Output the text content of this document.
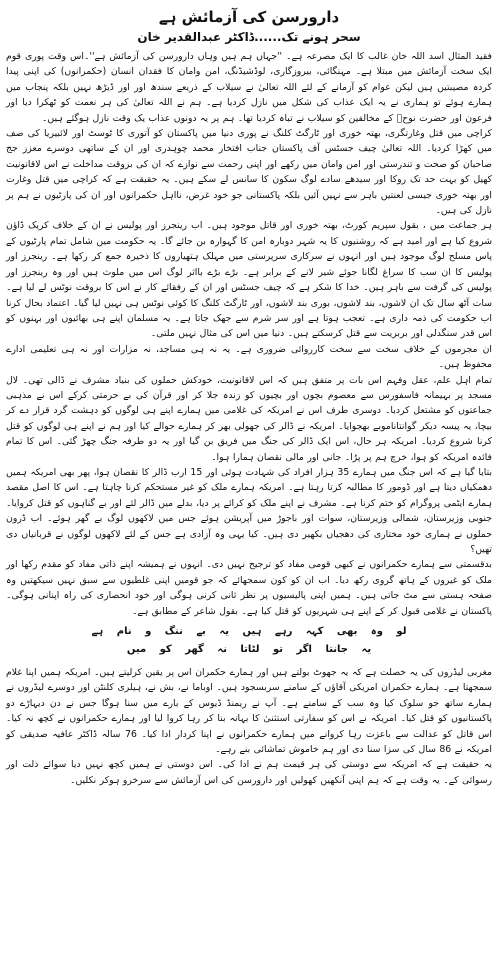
دارورسن کی آزمائش ہے
سحر ہونے تک......ڈاکٹر عبدالقدیر خان

فقید المثال اسد اللہ خان غالب کا ایک مصرعہ ہے۔ ''جہاں ہم ہیں وہاں دارورسن کی آزمائش ہے''۔اس وقت پوری قوم ایک سخت آزمائش میں مبتلا ہے۔ مہنگائی، بیروزگاری، لوڈشیڈنگ، امن وامان کا فقدان انسان (حکمرانوں) کی اپنی پیدا کردہ مصیبتیں ہیں لیکن عوام کو آزمانے کے لئے اللہ تعالیٰ نے سیلاب کے ذریعے سندھ اور اور ڈیڑھ نہیں بلکہ پنجاب میں ہمارے ہوئے تو ہماری نے یہ ایک عذاب کی شکل میں نازل کردیا ہے۔ ہم نے اللہ تعالیٰ کی ہر نعمت کو ٹھکرا دیا اور فرعون اور حضرت نوحؑ کے مخالفین کو سیلاب نے تباہ کردیا تھا۔ ہم پر یہ دونوں عذاب یک وقت نازل ہوگئے ہیں۔

کراچی میں قتل وغارتگری، بھتہ خوری اور ٹارگٹ کلنگ نے پوری دنیا میں پاکستان کو آتوری کا ٹوسٹ اور لائبیریا کی صف میں کھڑا کردیا۔ اللہ تعالیٰ چیف جسٹس آف پاکستان جناب افتخار محمد چوہدری اور ان کے ساتھی دوسرے معزز جج صاحبان کو صحت و تندرستی اور امن وامان میں رکھے اور اپنی رحمت سے نوازے کہ ان کی بروقت مداخلت نے اس لاقانونیت کھیل کو بہت حد تک روکا اور سیدھے سادے لوگ سکون کا سانس لے سکے ہیں۔ یہ حقیقت ہے کہ کراچی میں قتل وغارت اور بھتہ خوری جیسی لعنتیں باہر سے نہیں آئیں بلکہ پاکستانی جو خود غرض، نااہل حکمرانوں اور ان کی پارٹیوں نے ہم پر نازل کی ہیں۔

ہر جماعت میں ، بقول سپریم کورٹ، بھتہ خوری اور قاتل موجود ہیں۔ اب رینجرز اور پولیس نے ان کے خلاف کریک ڈاؤن شروع کیا ہے اور امید ہے کہ روشنیوں کا یہ شہر دوبارہ امن کا گہوارہ بن جائے گا۔ یہ حکومت میں شامل تمام پارٹیوں کے پاس مسلح لوگ موجود ہیں اور انہوں نے سرکاری سرپرستی میں مہلک ہتھیاروں کا ذخیرہ جمع کر رکھا ہے۔ رینجرز اور پولیس کا ان سب کا سراغ لگانا جوئے شیر لانے کے برابر ہے۔ بڑے بڑے بااثر لوگ اس میں ملوث ہیں اور وہ رینجرز اور پولیس کی گرفت سے باہر ہیں۔ خدا کا شکر ہے کہ چیف جسٹس اور ان کے رفقائے کار نے اس کا بروقت نوٹس لے لیا ہے۔ سات آٹھ سال تک ان لاشوں، بند لاشوں، بوری بند لاشوں، اور ٹارگٹ کلنگ کا کوئی نوٹس ہی نہیں لیا گیا۔ اعتماد بحال کرنا اب حکومت کی ذمہ داری ہے۔ تعجب ہوتا ہے اور سر شرم سے جھک جاتا ہے۔ یہ مسلمان اپنے ہی بھائیوں اور بہنوں کو اس قدر سنگدلی اور بربریت سے قتل کرسکتے ہیں۔ دنیا میں اس کی مثال نہیں ملتی۔

ان مجرموں کے خلاف سخت سے سخت کارروائی ضروری ہے۔ یہ نہ ہی مساجد، نہ مزارات اور نہ ہی تعلیمی ادارے محفوظ ہیں۔

تمام اہل علم، عقل وفہم اس بات پر متفق ہیں کہ اس لاقانونیت، خودکش حملوں کی بنیاد مشرف نے ڈالی تھی۔ لال مسجد پر بہیمانہ فاسفورس سے معصوم بچوں اور بچیوں کو زندہ جلا کر اور قرآن کی بے حرمتی کرکے اس نے مذہبی جماعتوں کو مشتعل کردیا۔ دوسری طرف اس نے امریکہ کی غلامی میں ہمارے اپنے ہی لوگوں کو دہشت گرد قرار دے کر بیچا، یہ پیسہ دیکر گوانتاناموبے بھجوایا۔ امریکہ نے ڈالر کی جھولی بھر کر ہمارے حوالے کیا اور ہم نے اپنے ہی لوگوں کو قتل کرنا شروع کردیا۔ امریکہ ہر حال، اس ایک ڈالر کی جنگ میں فریق بن گیا اور یہ دو طرفہ جنگ چھڑ گئی۔ اس کا تمام فائدہ امریکہ کو ہوا، خرچ ہم پر پڑا۔ جانی اور مالی نقصان ہمارا ہوا۔

بتایا گیا ہے کہ اس جنگ میں ہمارے 35 ہزار افراد کی شہادت ہوئی اور 15 ارب ڈالر کا نقصان ہوا، پھر بھی امریکہ ہمیں دھمکیاں دیتا ہے اور ڈومور کا مطالبہ کرتا رہتا ہے۔ امریکہ ہمارے ملک کو غیر مستحکم کرنا چاہتا ہے۔ اس کا اصل مقصد ہمارے ایٹمی پروگرام کو ختم کرنا ہے۔ مشرف نے اپنے ملک کو کرائے پر دیا، بدلے میں ڈالر لئے اور بے گناہوں کو قتل کروایا۔ جنوبی وزیرستان، شمالی وزیرستان، سوات اور باجوڑ میں آپریشن ہوئے جس میں لاکھوں لوگ بے گھر ہوئے۔ اب ڈرون حملوں نے ہماری خود مختاری کی دھجیاں بکھیر دی ہیں۔ کیا یہی وہ آزادی ہے جس کے لئے لاکھوں لوگوں نے قربانیاں دی تھیں؟

بدقسمتی سے ہمارے حکمرانوں نے کبھی قومی مفاد کو ترجیح نہیں دی۔ انہوں نے ہمیشہ اپنے ذاتی مفاد کو مقدم رکھا اور ملک کو غیروں کے ہاتھ گروی رکھ دیا۔ اب ان کو کون سمجھائے کہ جو قومیں اپنی غلطیوں سے سبق نہیں سیکھتیں وہ صفحہ ہستی سے مٹ جاتی ہیں۔ ہمیں اپنی پالیسیوں پر نظر ثانی کرنی ہوگی اور خود انحصاری کی راہ اپنانی ہوگی۔ پاکستان نے غلامی قبول کر کے اپنے ہی شہریوں کو قتل کیا ہے۔ بقول شاعر کے مطابق ہے۔

لو وہ بھی کہہ رہے ہیں یہ بے ننگ و نام ہے
یہ جانتا اگر تو لٹاتا نہ گھر کو میں

مغربی لیڈروں کی یہ خصلت ہے کہ یہ جھوٹ بولتے ہیں اور ہمارے حکمران اس پر یقین کرلیتے ہیں۔ امریکہ ہمیں اپنا غلام سمجھتا ہے۔ ہمارے حکمران امریکی آقاؤں کے سامنے سربسجود ہیں۔ اوباما نے، بش نے، ہیلری کلنٹن اور دوسرے لیڈروں نے ہمارے ساتھ جو سلوک کیا وہ سب کے سامنے ہے۔ آپ نے ریمنڈ ڈیوس کے بارے میں سنا ہوگا جس نے دن دیہاڑے دو پاکستانیوں کو قتل کیا۔ امریکہ نے اس کو سفارتی استثنیٰ کا بہانہ بنا کر رہا کروا لیا اور ہمارے حکمرانوں نے کچھ نہ کیا۔ اس قاتل کو عدالت سے باعزت رہا کروانے میں ہمارے حکمرانوں نے اپنا کردار ادا کیا۔ 76 سالہ ڈاکٹر عافیہ صدیقی کو امریکہ نے 86 سال کی سزا سنا دی اور ہم خاموش تماشائی بنے رہے۔

یہ حقیقت ہے کہ امریکہ سے دوستی کی ہر قیمت ہم نے ادا کی۔ اس دوستی نے ہمیں کچھ نہیں دیا سوائے ذلت اور رسوائی کے۔ یہ وقت ہے کہ ہم اپنی آنکھیں کھولیں اور دارورسن کی اس آزمائش سے سرخرو ہوکر نکلیں۔
